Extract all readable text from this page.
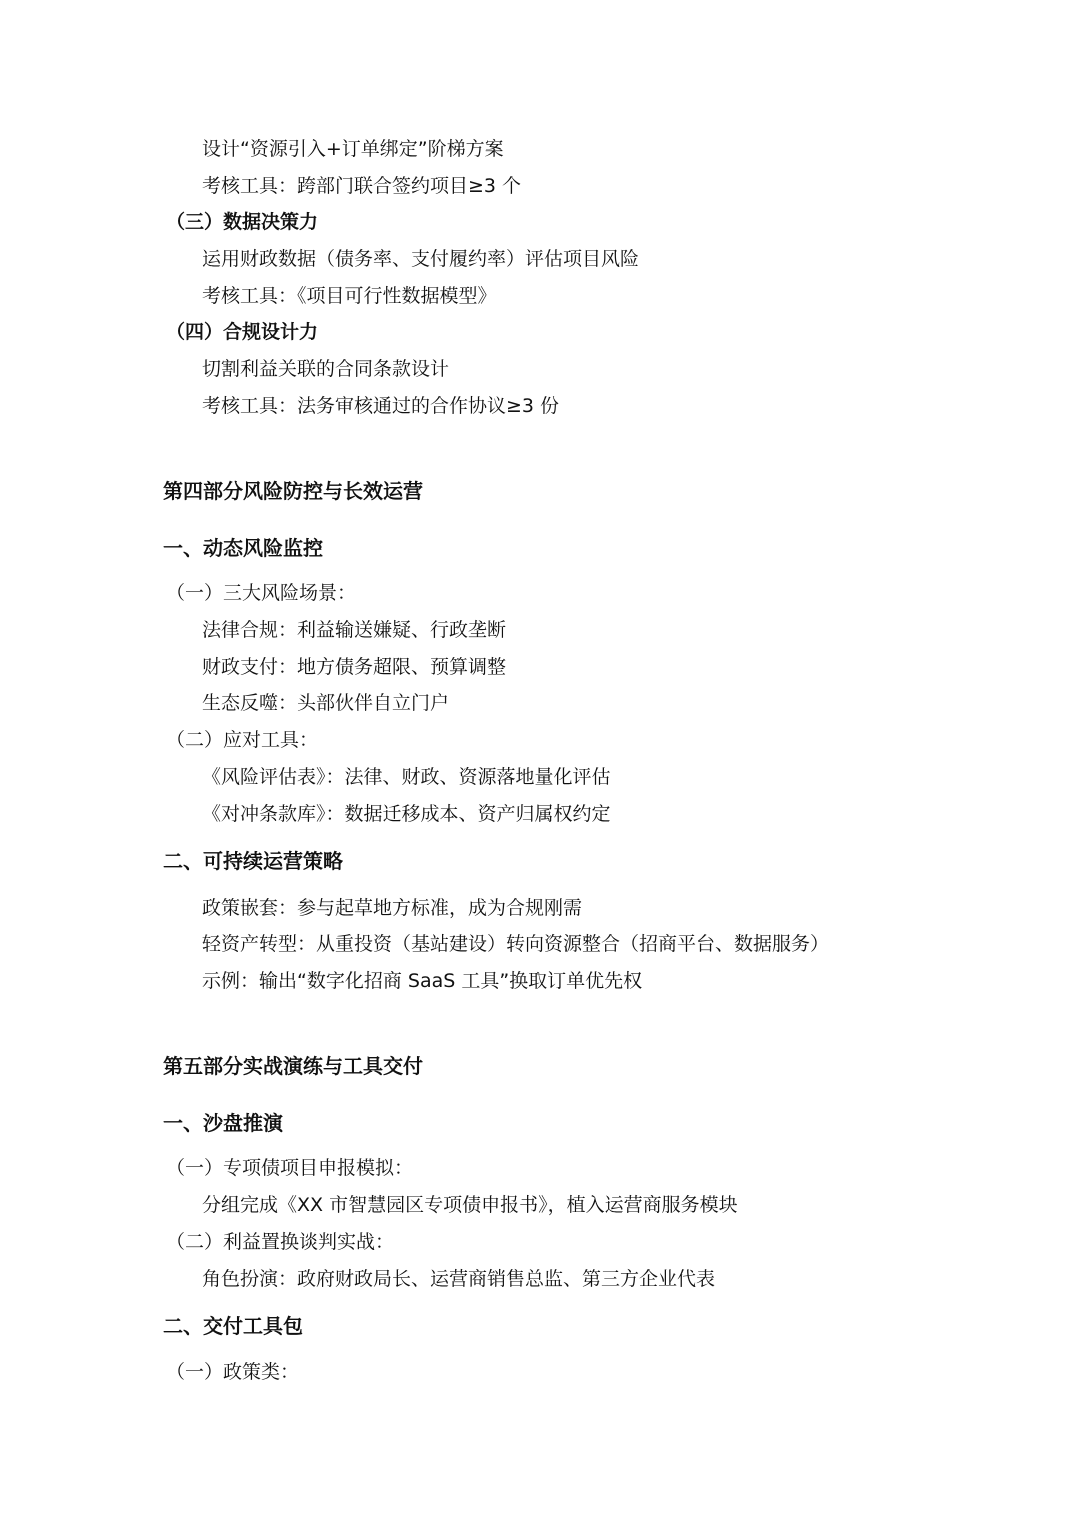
设计“资源引入+订单绑定”阶梯方案
考核工具：跨部门联合签约项目≥3 个
（三）数据决策力
运用财政数据（债务率、支付履约率）评估项目风险
考核工具：《项目可行性数据模型》
（四）合规设计力
切割利益关联的合同条款设计
考核工具：法务审核通过的合作协议≥3 份
第四部分风险防控与长效运营
一、动态风险监控
（一）三大风险场景：
法律合规：利益输送嫌疑、行政垄断
财政支付：地方债务超限、预算调整
生态反噬：头部伙伴自立门户
（二）应对工具：
《风险评估表》：法律、财政、资源落地量化评估
《对冲条款库》：数据迁移成本、资产归属权约定
二、可持续运营策略
政策嵌套：参与起草地方标准，成为合规刚需
轻资产转型：从重投资（基站建设）转向资源整合（招商平台、数据服务）
示例：输出“数字化招商 SaaS 工具”换取订单优先权
第五部分实战演练与工具交付
一、沙盘推演
（一）专项债项目申报模拟：
分组完成《XX 市智慧园区专项债申报书》，植入运营商服务模块
（二）利益置换谈判实战：
角色扮演：政府财政局长、运营商销售总监、第三方企业代表
二、交付工具包
（一）政策类：
